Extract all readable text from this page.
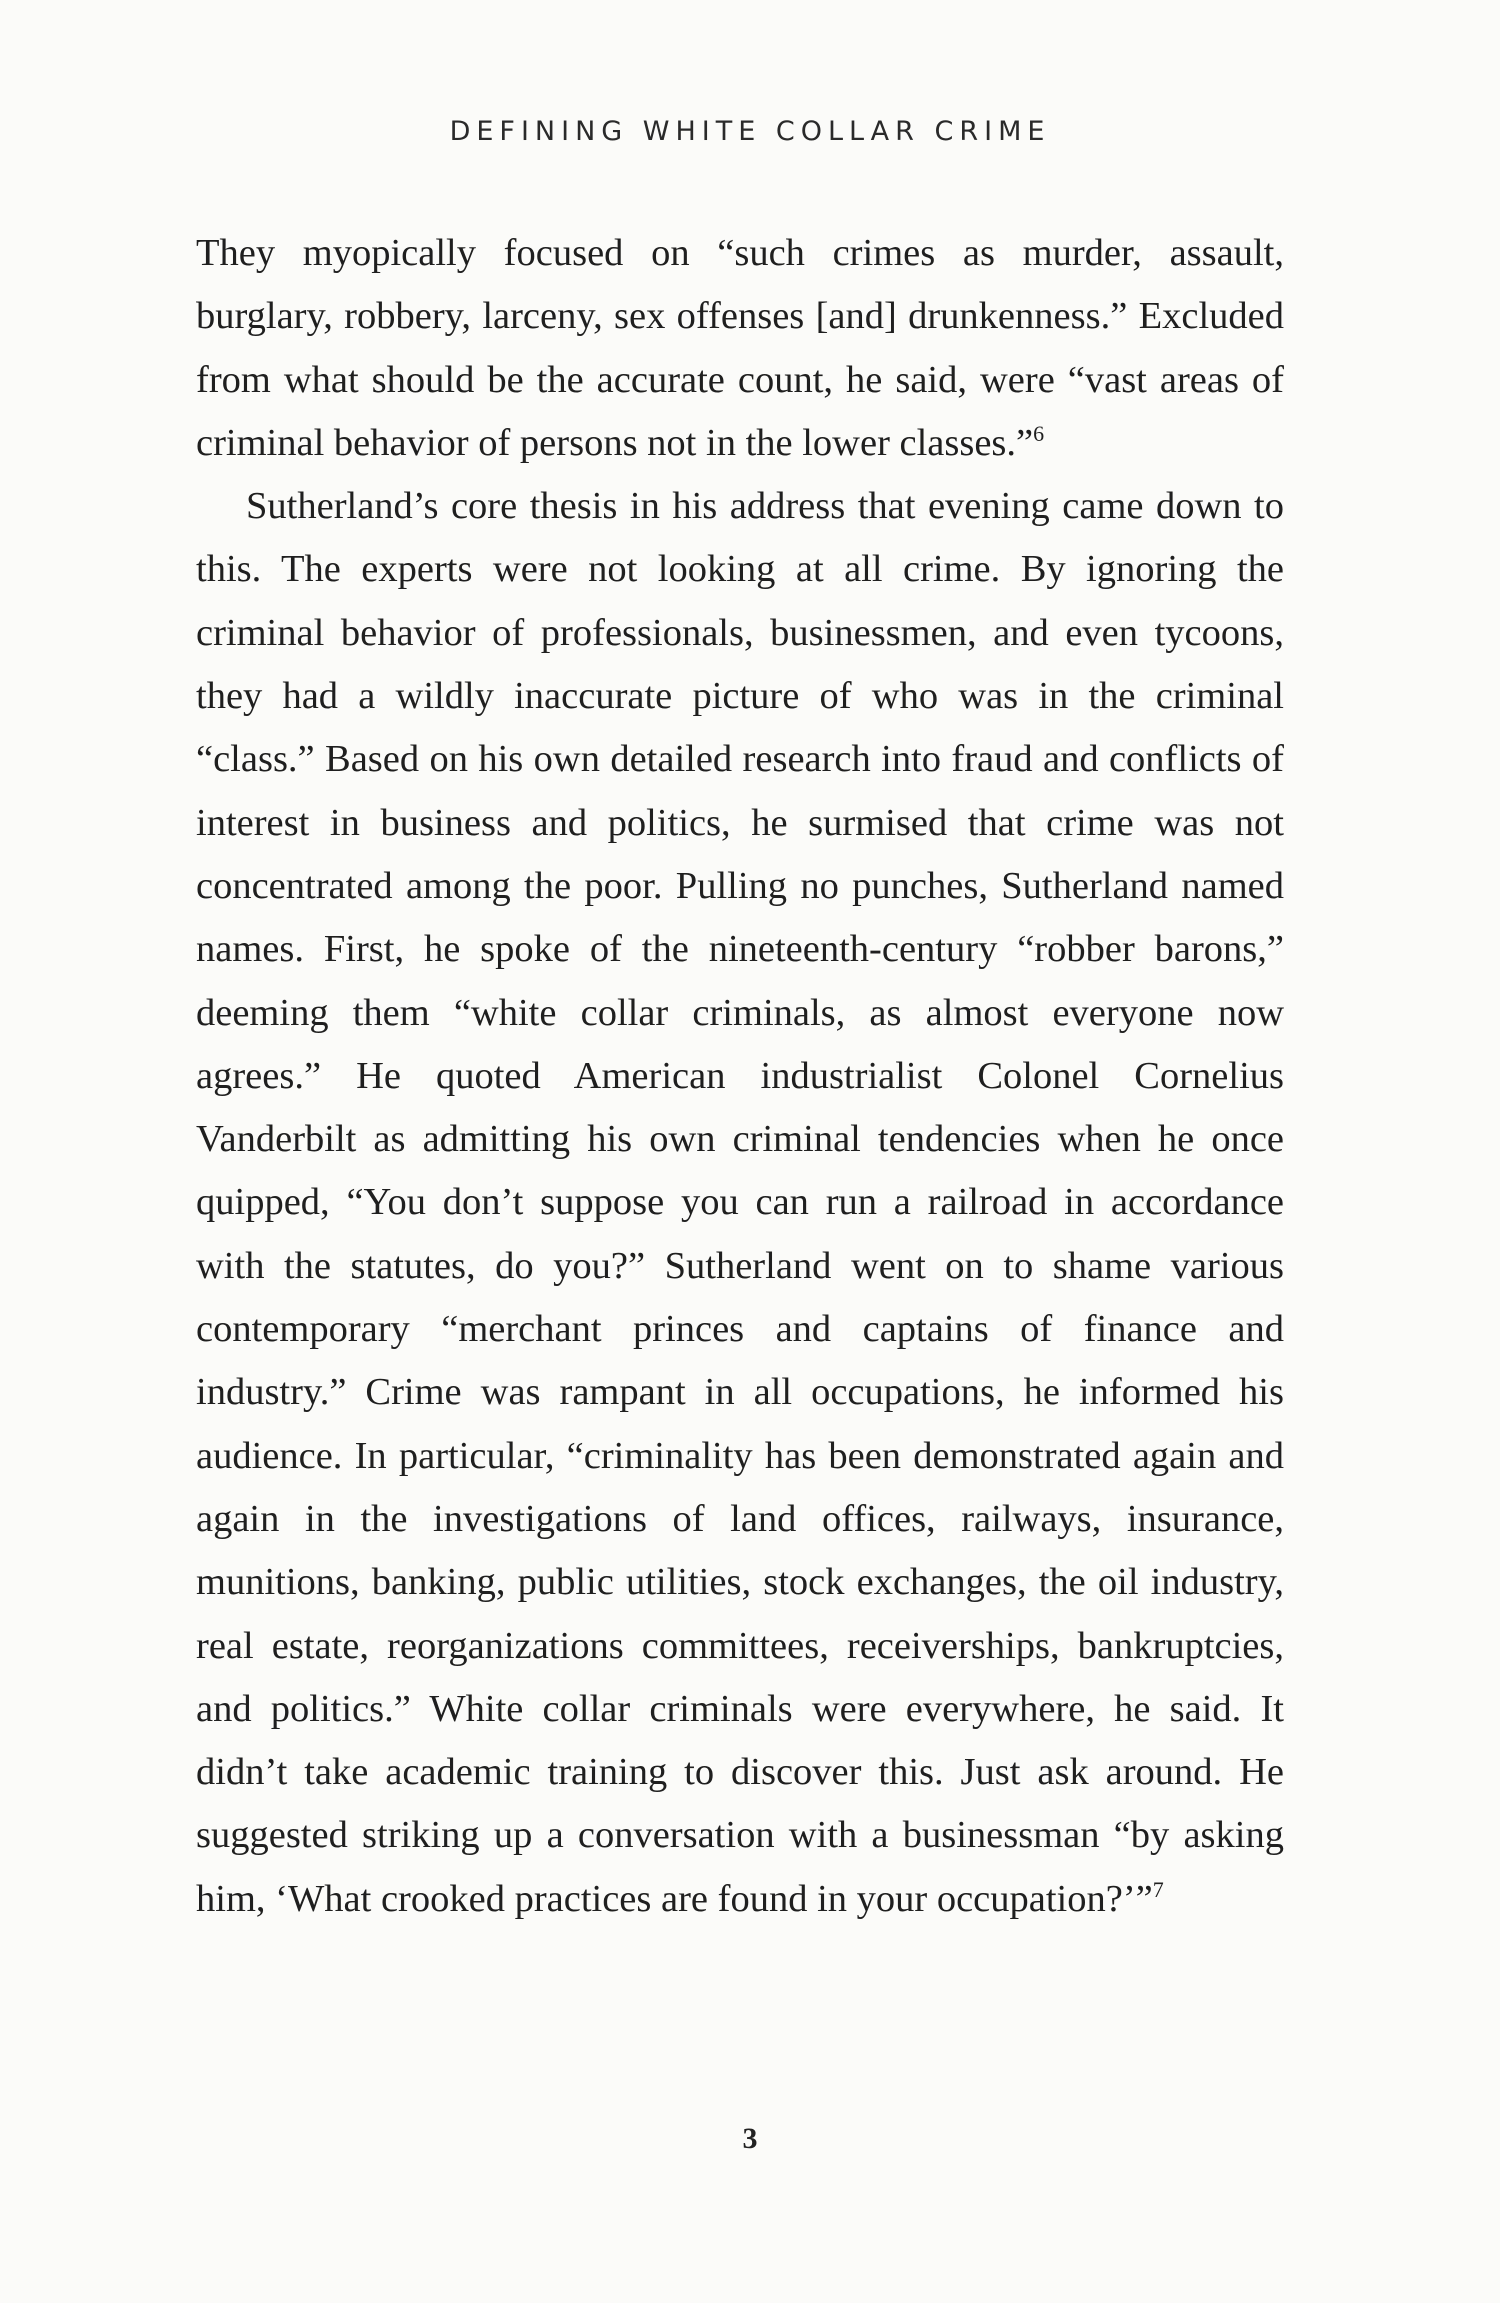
DEFINING WHITE COLLAR CRIME

They myopically focused on “such crimes as murder, assault, burglary, robbery, larceny, sex offenses [and] drunkenness.” Excluded from what should be the accurate count, he said, were “vast areas of criminal behavior of persons not in the lower classes.”$^6$

Sutherland’s core thesis in his address that evening came down to this. The experts were not looking at all crime. By ignoring the criminal behavior of professionals, businessmen, and even tycoons, they had a wildly inaccurate picture of who was in the criminal “class.” Based on his own detailed research into fraud and conflicts of interest in business and politics, he surmised that crime was not concentrated among the poor. Pulling no punches, Sutherland named names. First, he spoke of the nineteenth-century “robber barons,” deeming them “white collar criminals, as almost everyone now agrees.” He quoted American industrialist Colonel Cornelius Vanderbilt as admitting his own criminal tendencies when he once quipped, “You don’t suppose you can run a railroad in accordance with the statutes, do you?” Sutherland went on to shame various contemporary “merchant princes and captains of finance and industry.” Crime was rampant in all occupations, he informed his audience. In particular, “criminality has been demonstrated again and again in the investigations of land offices, railways, insurance, munitions, banking, public utilities, stock exchanges, the oil industry, real estate, reorganizations committees, receiverships, bankruptcies, and politics.” White collar criminals were everywhere, he said. It didn’t take academic training to discover this. Just ask around. He suggested striking up a conversation with a businessman “by asking him, ‘What crooked practices are found in your occupation?’”$^7$

3
